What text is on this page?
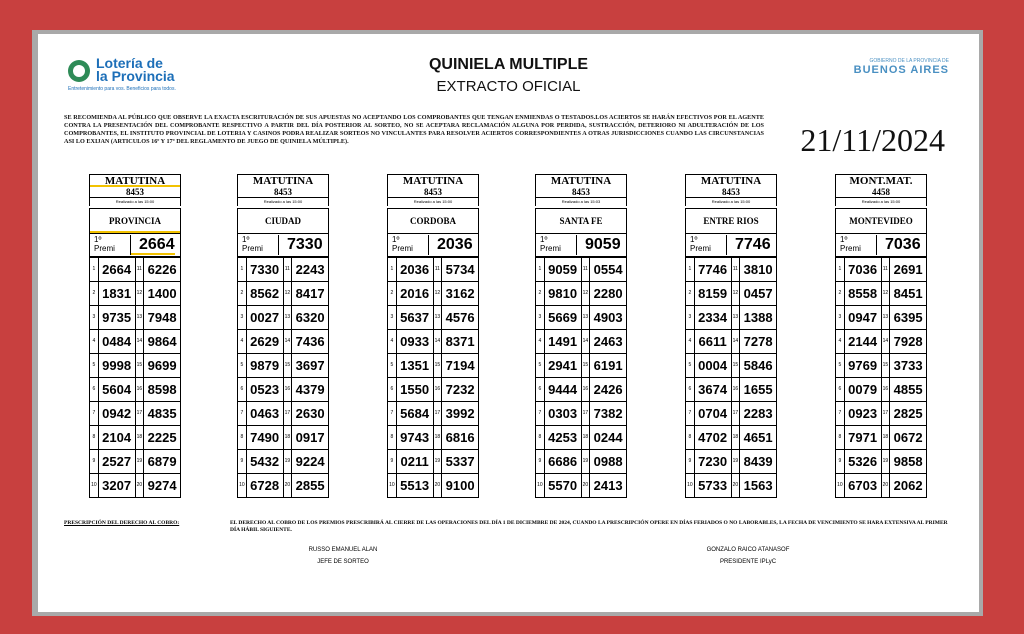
Lotería de
la Provincia
Entretenimiento para vos. Beneficios para todos.
QUINIELA MULTIPLE
EXTRACTO OFICIAL
GOBIERNO DE LA PROVINCIA DE
BUENOS AIRES
SE RECOMIENDA AL PÚBLICO QUE OBSERVE LA EXACTA ESCRITURACIÓN DE SUS APUESTAS NO ACEPTANDO LOS COMPROBANTES QUE TENGAN ENMIENDAS O TESTADOS.LOS ACIERTOS SE HARÁN EFECTIVOS POR EL AGENTE CONTRA LA PRESENTACIÓN DEL COMPROBANTE RESPECTIVO A PARTIR DEL DÍA POSTERIOR AL SORTEO, NO SE ACEPTARA RECLAMACIÓN ALGUNA POR PERDIDA, SUSTRACCIÓN, DETERIORO NI ADULTERACIÓN DE LOS COMPROBANTES, EL INSTITUTO PROVINCIAL DE LOTERIA Y CASINOS PODRA REALIZAR SORTEOS NO VINCULANTES PARA RESOLVER ACIERTOS CORRESPONDIENTES A OTRAS JURISDICCIONES CUANDO LAS CIRCUNSTANCIAS ASI LO EXIJAN (ARTICULOS 16º Y 17º DEL REGLAMENTO DE JUEGO DE QUINIELA MÚLTIPLE).	21/11/2024
MATUTINA
8453
Realizado a las 15:00
PROVINCIA
1º
Premi	2664
1 2664	11 6226
2 1831	12 1400
3 9735	13 7948
4 0484	14 9864
5 9998	15 9699
6 5604	16 8598
7 0942	17 4835
8 2104	18 2225
9 2527	19 6879
10 3207	20 9274
MATUTINA
8453
Realizado a las 15:00
CIUDAD
1º
Premi	7330
1 7330	11 2243
2 8562	12 8417
3 0027	13 6320
4 2629	14 7436
5 9879	15 3697
6 0523	16 4379
7 0463	17 2630
8 7490	18 0917
9 5432	19 9224
10 6728	20 2855
MATUTINA
8453
Realizado a las 15:00
CORDOBA
1º
Premi	2036
1 2036	11 5734
2 2016	12 3162
3 5637	13 4576
4 0933	14 8371
5 1351	15 7194
6 1550	16 7232
7 5684	17 3992
8 9743	18 6816
9 0211	19 5337
10 5513	20 9100
MATUTINA
8453
Realizado a las 15:03
SANTA FE
1º
Premi	9059
1 9059	11 0554
2 9810	12 2280
3 5669	13 4903
4 1491	14 2463
5 2941	15 6191
6 9444	16 2426
7 0303	17 7382
8 4253	18 0244
9 6686	19 0988
10 5570	20 2413
MATUTINA
8453
Realizado a las 15:00
ENTRE RIOS
1º
Premi	7746
1 7746	11 3810
2 8159	12 0457
3 2334	13 1388
4 6611	14 7278
5 0004	15 5846
6 3674	16 1655
7 0704	17 2283
8 4702	18 4651
9 7230	19 8439
10 5733	20 1563
MONT.MAT.
4458
Realizado a las 15:00
MONTEVIDEO
1º
Premi	7036
1 7036	11 2691
2 8558	12 8451
3 0947	13 6395
4 2144	14 7928
5 9769	15 3733
6 0079	16 4855
7 0923	17 2825
8 7971	18 0672
9 5326	19 9858
10 6703	20 2062
PRESCRIPCIÓN DEL DERECHO AL COBRO:	EL DERECHO AL COBRO DE LOS PREMIOS PRESCRIBIRÁ AL CIERRE DE LAS OPERACIONES DEL DÍA 1 DE DICIEMBRE DE 2024, CUANDO LA PRESCRIPCIÓN OPERE EN DÍAS FERIADOS O NO LABORABLES, LA FECHA DE VENCIMIENTO SE HARA EXTENSIVA AL PRIMER DÍA HÁBIL SIGUIENTE.
RUSSO EMANUEL ALAN
JEFE DE SORTEO
GONZALO RAICO ATANASOF
PRESIDENTE IPLyC
